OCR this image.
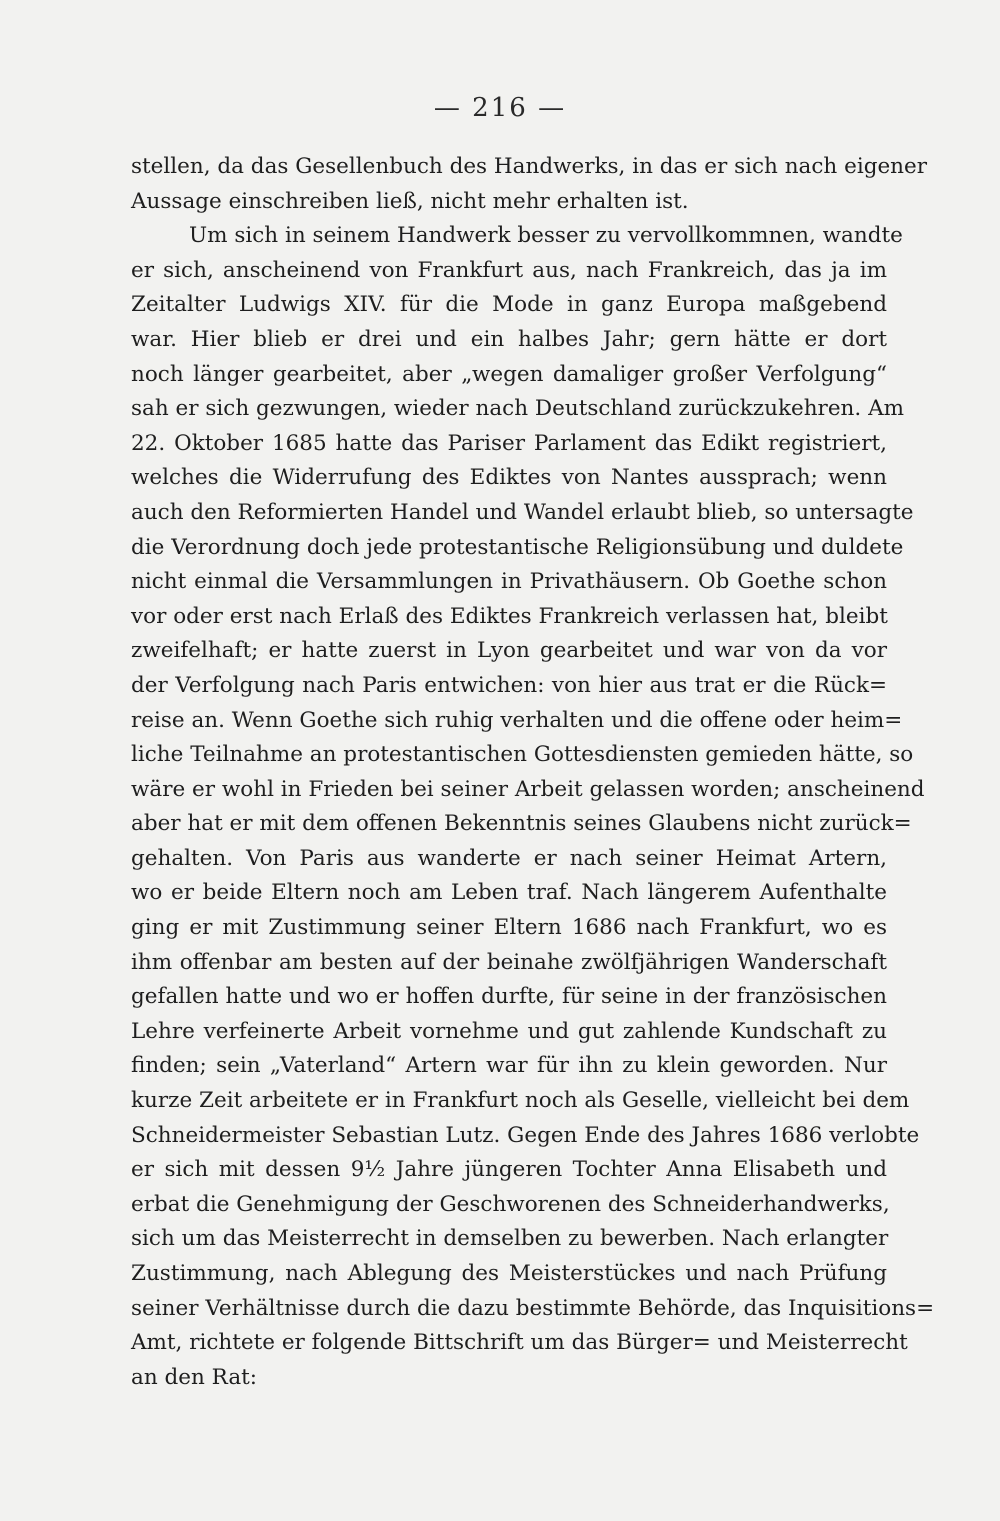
— 216 —
stellen, da das Gesellenbuch des Handwerks, in das er sich nach eigener
Aussage einschreiben ließ, nicht mehr erhalten ist.
Um sich in seinem Handwerk besser zu vervollkommnen, wandte
er sich, anscheinend von Frankfurt aus, nach Frankreich, das ja im
Zeitalter Ludwigs XIV. für die Mode in ganz Europa maßgebend
war. Hier blieb er drei und ein halbes Jahr; gern hätte er dort
noch länger gearbeitet, aber „wegen damaliger großer Verfolgung“
sah er sich gezwungen, wieder nach Deutschland zurückzukehren. Am
22. Oktober 1685 hatte das Pariser Parlament das Edikt registriert,
welches die Widerrufung des Ediktes von Nantes aussprach; wenn
auch den Reformierten Handel und Wandel erlaubt blieb, so untersagte
die Verordnung doch jede protestantische Religionsübung und duldete
nicht einmal die Versammlungen in Privathäusern. Ob Goethe schon
vor oder erst nach Erlaß des Ediktes Frankreich verlassen hat, bleibt
zweifelhaft; er hatte zuerst in Lyon gearbeitet und war von da vor
der Verfolgung nach Paris entwichen: von hier aus trat er die Rück=
reise an. Wenn Goethe sich ruhig verhalten und die offene oder heim=
liche Teilnahme an protestantischen Gottesdiensten gemieden hätte, so
wäre er wohl in Frieden bei seiner Arbeit gelassen worden; anscheinend
aber hat er mit dem offenen Bekenntnis seines Glaubens nicht zurück=
gehalten. Von Paris aus wanderte er nach seiner Heimat Artern,
wo er beide Eltern noch am Leben traf. Nach längerem Aufenthalte
ging er mit Zustimmung seiner Eltern 1686 nach Frankfurt, wo es
ihm offenbar am besten auf der beinahe zwölfjährigen Wanderschaft
gefallen hatte und wo er hoffen durfte, für seine in der französischen
Lehre verfeinerte Arbeit vornehme und gut zahlende Kundschaft zu
finden; sein „Vaterland“ Artern war für ihn zu klein geworden. Nur
kurze Zeit arbeitete er in Frankfurt noch als Geselle, vielleicht bei dem
Schneidermeister Sebastian Lutz. Gegen Ende des Jahres 1686 verlobte
er sich mit dessen 9½ Jahre jüngeren Tochter Anna Elisabeth und
erbat die Genehmigung der Geschworenen des Schneiderhandwerks,
sich um das Meisterrecht in demselben zu bewerben. Nach erlangter
Zustimmung, nach Ablegung des Meisterstückes und nach Prüfung
seiner Verhältnisse durch die dazu bestimmte Behörde, das Inquisitions=
Amt, richtete er folgende Bittschrift um das Bürger= und Meisterrecht
an den Rat:
